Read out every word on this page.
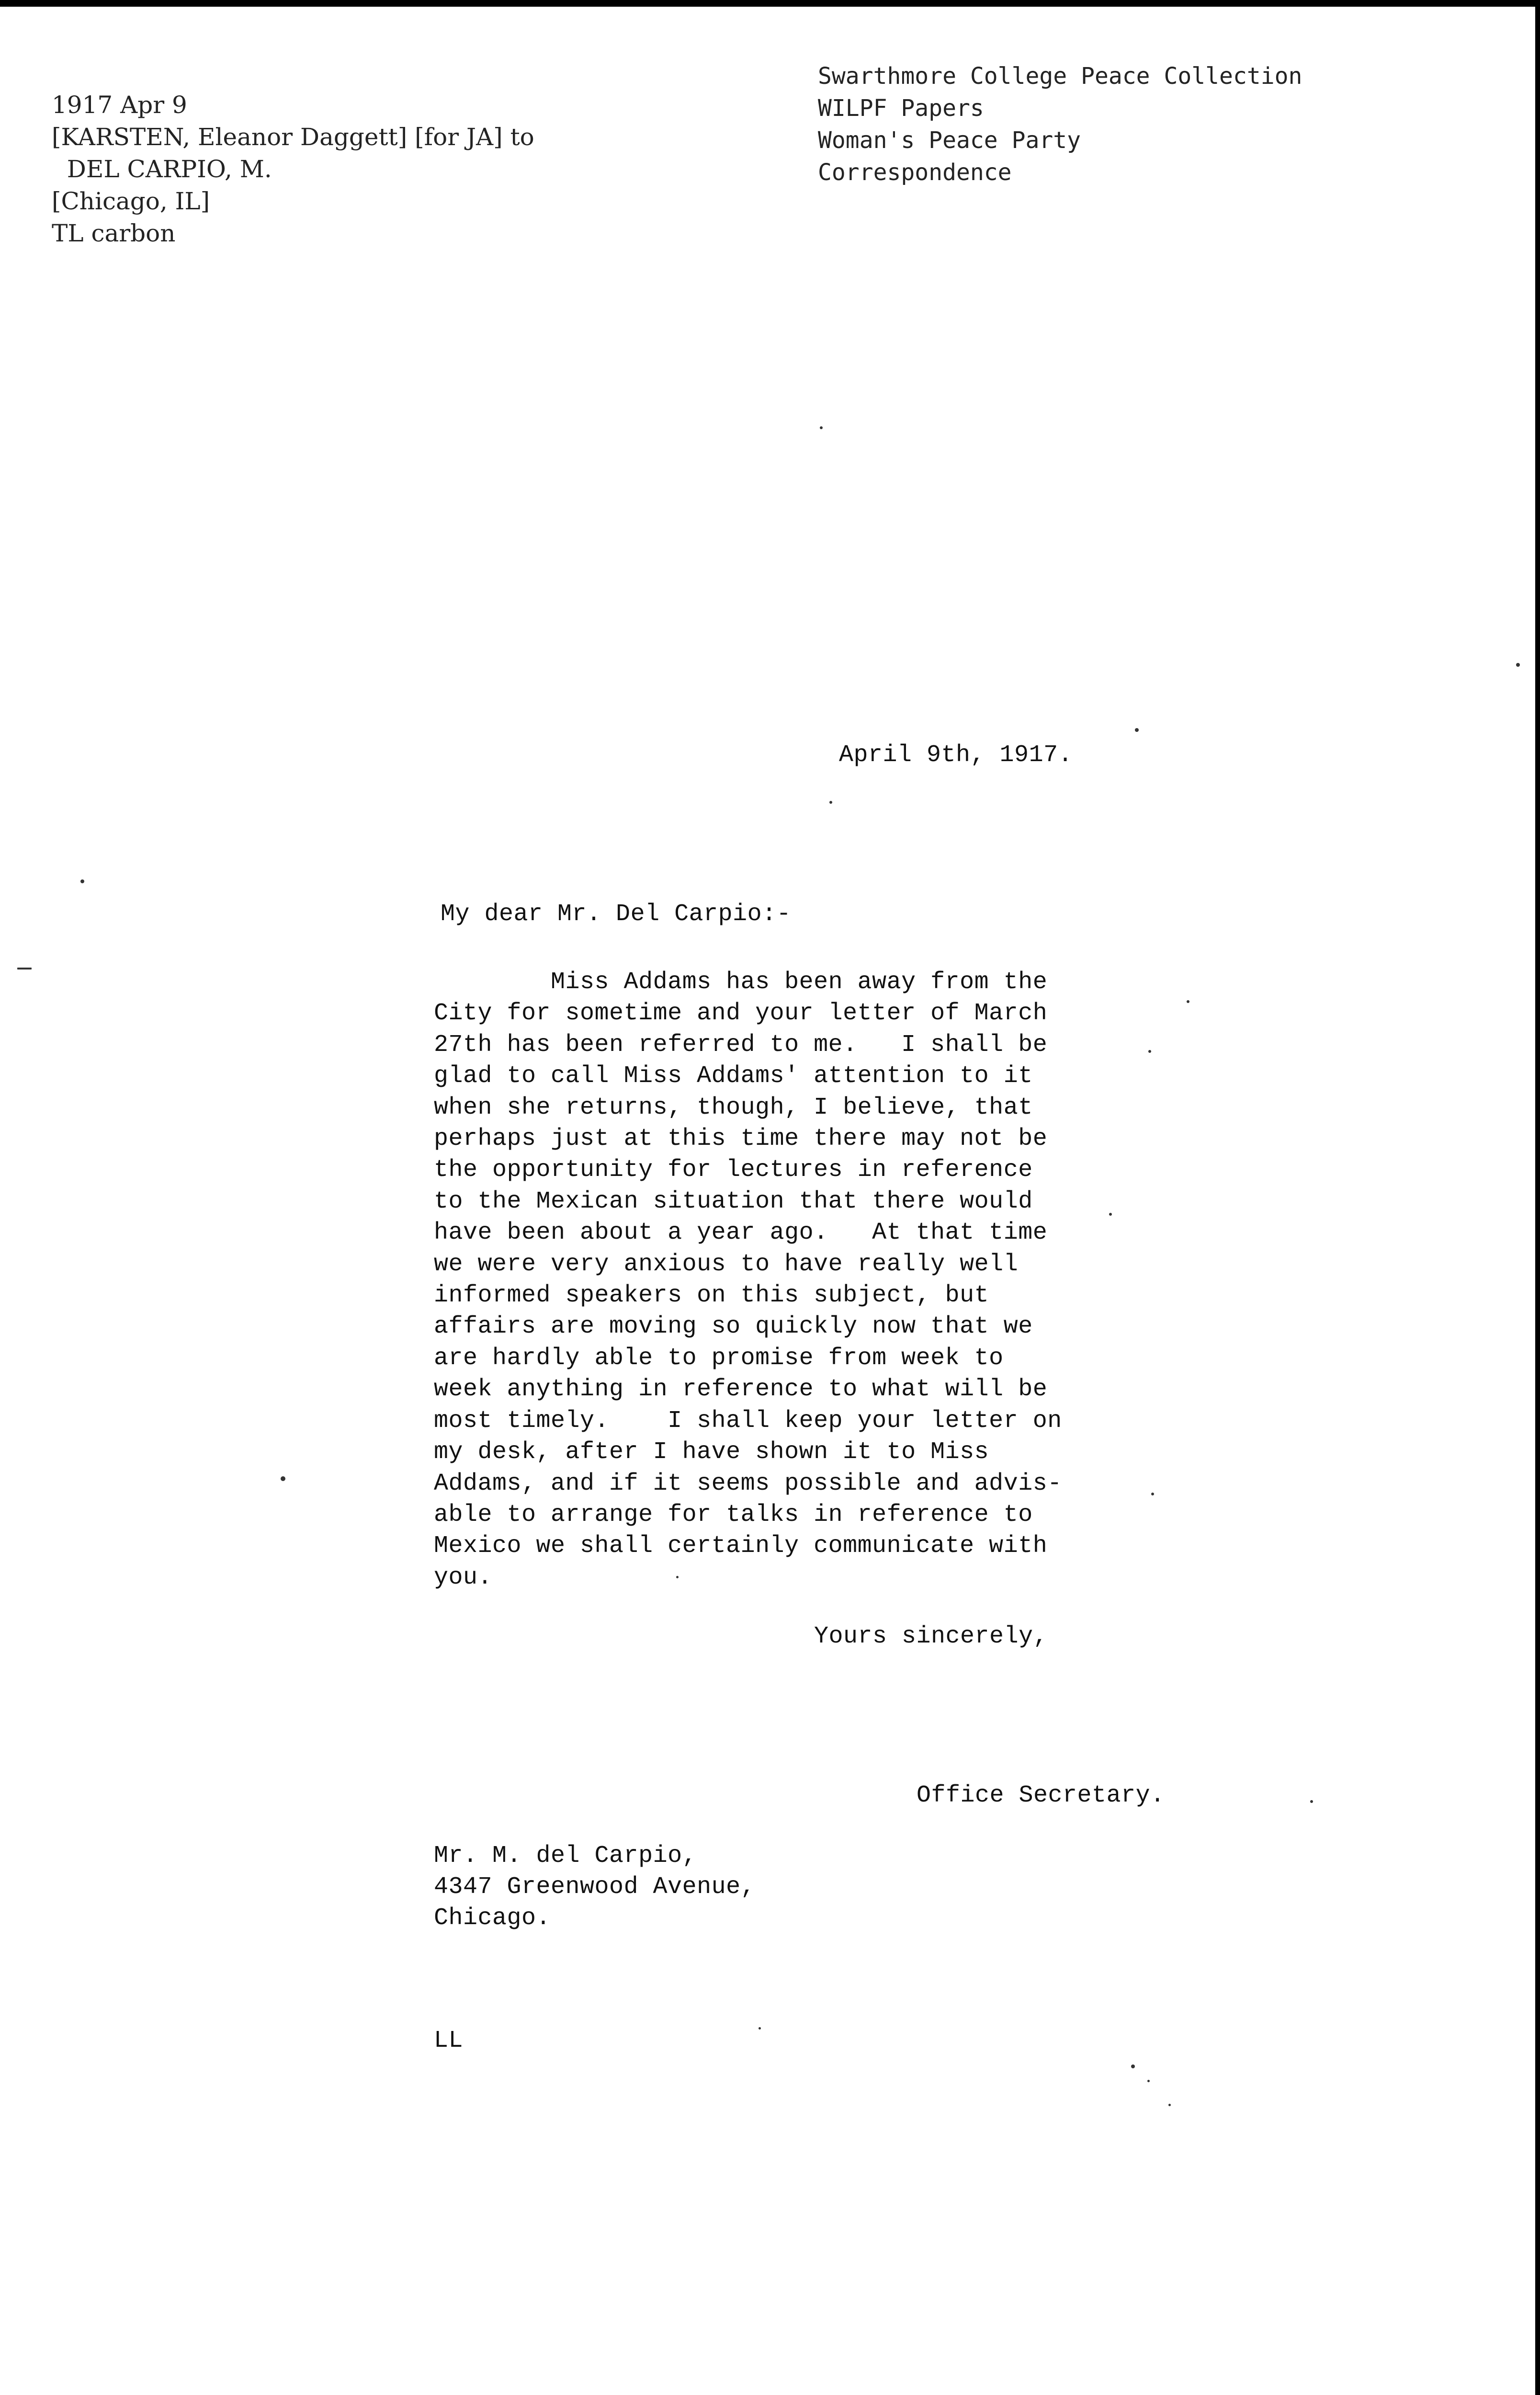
1917 Apr 9
[KARSTEN, Eleanor Daggett] [for JA] to
DEL CARPIO, M.
[Chicago, IL]
TL carbon
Swarthmore College Peace Collection
WILPF Papers
Woman's Peace Party
Correspondence
April 9th, 1917.
My dear Mr. Del Carpio:-
Miss Addams has been away from the
City for sometime and your letter of March
27th has been referred to me.   I shall be
glad to call Miss Addams' attention to it
when she returns, though, I believe, that
perhaps just at this time there may not be
the opportunity for lectures in reference
to the Mexican situation that there would
have been about a year ago.   At that time
we were very anxious to have really well
informed speakers on this subject, but
affairs are moving so quickly now that we
are hardly able to promise from week to
week anything in reference to what will be
most timely.    I shall keep your letter on
my desk, after I have shown it to Miss
Addams, and if it seems possible and advis-
able to arrange for talks in reference to
Mexico we shall certainly communicate with
you.
Yours sincerely,
Office Secretary.
Mr. M. del Carpio,
4347 Greenwood Avenue,
Chicago.
LL
